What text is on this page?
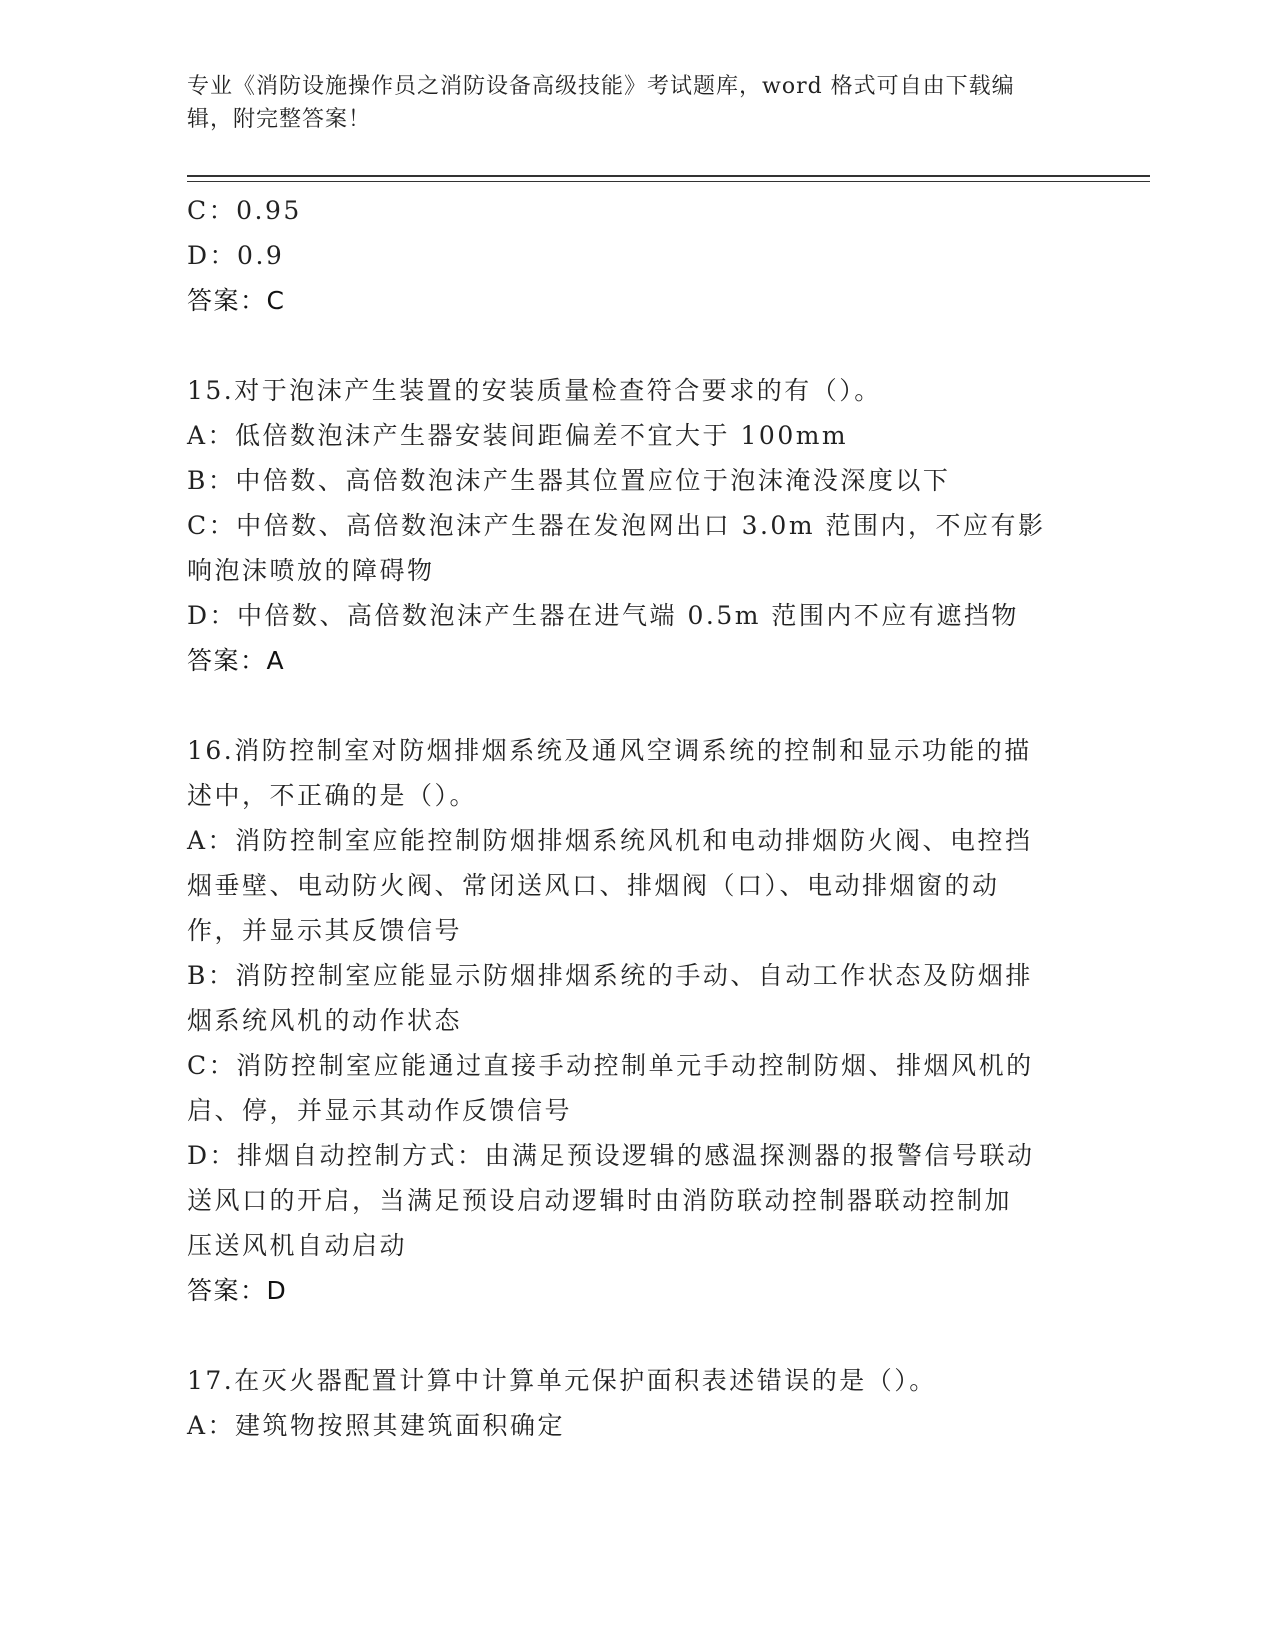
专业《消防设施操作员之消防设备高级技能》考试题库，word 格式可自由下载编
辑，附完整答案！
C：0.95
D：0.9
答案：C
15.对于泡沫产生装置的安装质量检查符合要求的有（）。
A：低倍数泡沫产生器安装间距偏差不宜大于 100mm
B：中倍数、高倍数泡沫产生器其位置应位于泡沫淹没深度以下
C：中倍数、高倍数泡沫产生器在发泡网出口 3.0m 范围内，不应有影
响泡沫喷放的障碍物
D：中倍数、高倍数泡沫产生器在进气端 0.5m 范围内不应有遮挡物
答案：A
16.消防控制室对防烟排烟系统及通风空调系统的控制和显示功能的描
述中，不正确的是（）。
A：消防控制室应能控制防烟排烟系统风机和电动排烟防火阀、电控挡
烟垂壁、电动防火阀、常闭送风口、排烟阀（口）、电动排烟窗的动
作，并显示其反馈信号
B：消防控制室应能显示防烟排烟系统的手动、自动工作状态及防烟排
烟系统风机的动作状态
C：消防控制室应能通过直接手动控制单元手动控制防烟、排烟风机的
启、停，并显示其动作反馈信号
D：排烟自动控制方式：由满足预设逻辑的感温探测器的报警信号联动
送风口的开启，当满足预设启动逻辑时由消防联动控制器联动控制加
压送风机自动启动
答案：D
17.在灭火器配置计算中计算单元保护面积表述错误的是（）。
A：建筑物按照其建筑面积确定
